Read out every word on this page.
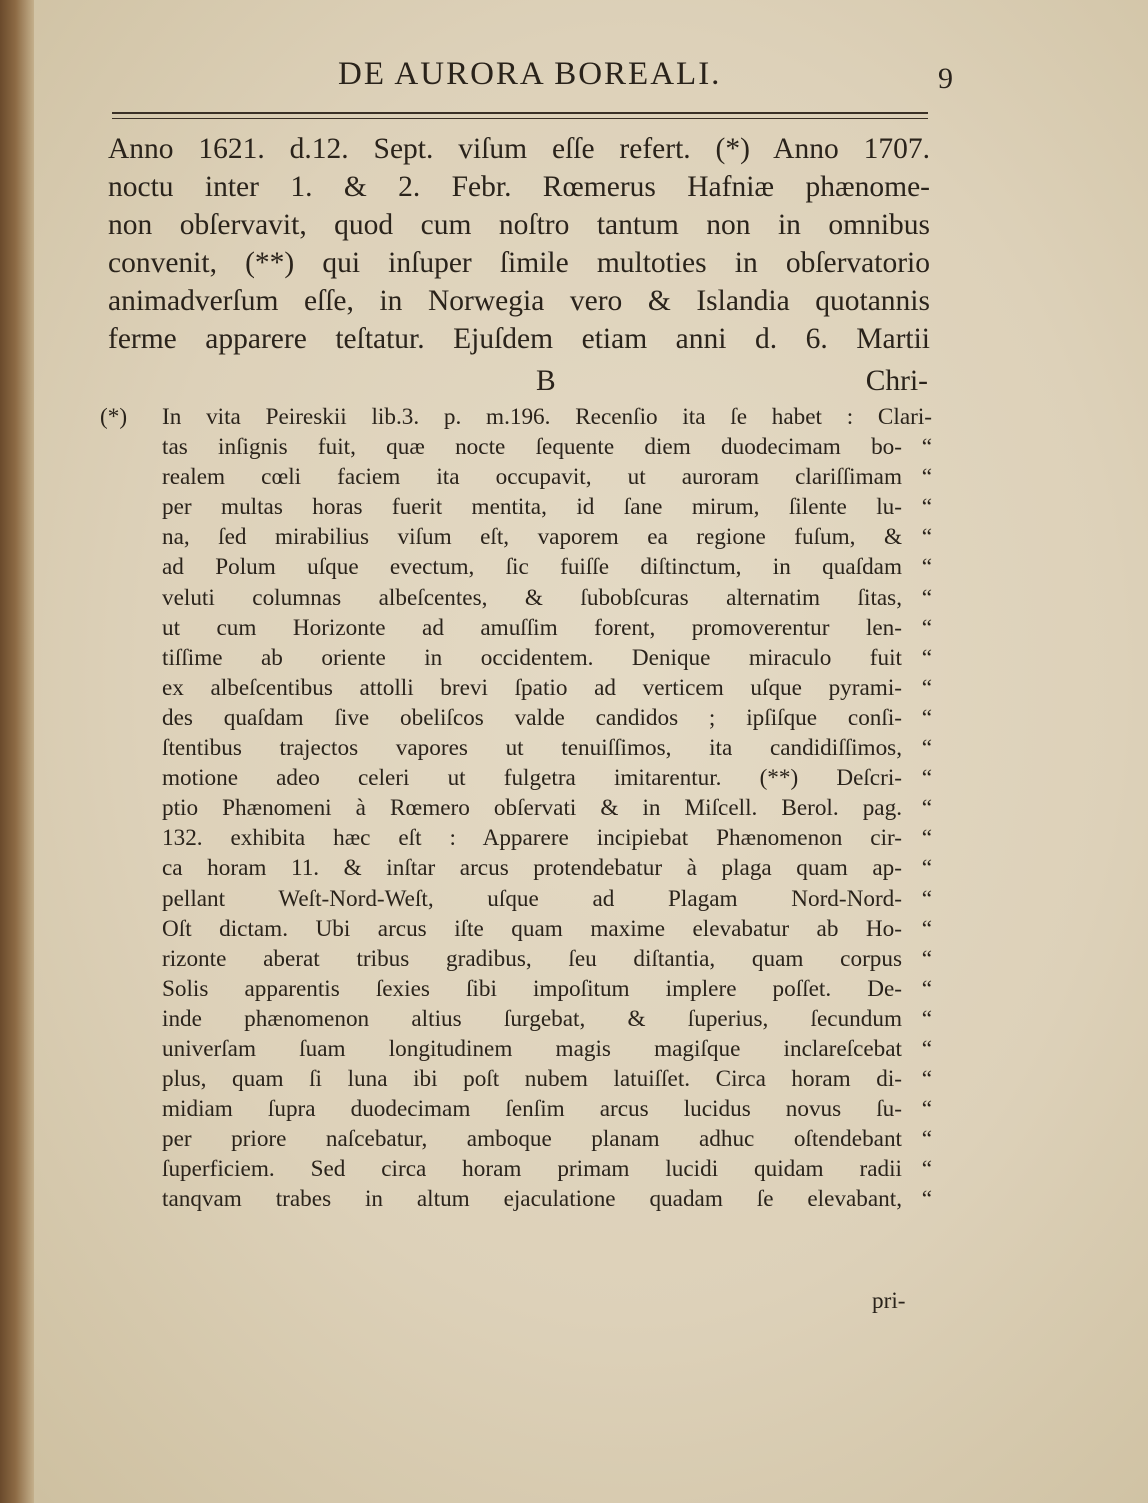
DE AURORA BOREALI.	9
Anno 1621. d.12. Sept. viſum eſſe refert. (*) Anno 1707.
noctu inter 1. & 2. Febr. Rœmerus Hafniæ phænome-
non obſervavit, quod cum noſtro tantum non in omnibus
convenit, (**) qui inſuper ſimile multoties in obſervatorio
animadverſum eſſe, in Norwegia vero & Islandia quotannis
ferme apparere teſtatur. Ejuſdem etiam anni d. 6. Martii
B	Chri-
(*) In vita Peireskii lib.3. p. m.196. Recenſio ita ſe habet : Clari-
tas inſignis fuit, quæ nocte ſequente diem duodecimam bo- “
realem cœli faciem ita occupavit, ut auroram clariſſimam “
per multas horas fuerit mentita, id ſane mirum, ſilente lu- “
na, ſed mirabilius viſum eſt, vaporem ea regione fuſum, & “
ad Polum uſque evectum, ſic fuiſſe diſtinctum, in quaſdam “
veluti columnas albeſcentes, & ſubobſcuras alternatim ſitas, “
ut cum Horizonte ad amuſſim forent, promoverentur len- “
tiſſime ab oriente in occidentem. Denique miraculo fuit “
ex albeſcentibus attolli brevi ſpatio ad verticem uſque pyrami- “
des quaſdam ſive obeliſcos valde candidos ; ipſiſque conſi- “
ſtentibus trajectos vapores ut tenuiſſimos, ita candidiſſimos, “
motione adeo celeri ut fulgetra imitarentur. (**) Deſcri- “
ptio Phænomeni à Rœmero obſervati & in Miſcell. Berol. pag. “
132. exhibita hæc eſt : Apparere incipiebat Phænomenon cir- “
ca horam 11. & inſtar arcus protendebatur à plaga quam ap- “
pellant Weſt-Nord-Weſt, uſque ad Plagam Nord-Nord- “
Oſt dictam. Ubi arcus iſte quam maxime elevabatur ab Ho- “
rizonte aberat tribus gradibus, ſeu diſtantia, quam corpus “
Solis apparentis ſexies ſibi impoſitum implere poſſet. De- “
inde phænomenon altius ſurgebat, & ſuperius, ſecundum “
univerſam ſuam longitudinem magis magiſque inclareſcebat “
plus, quam ſi luna ibi poſt nubem latuiſſet. Circa horam di- “
midiam ſupra duodecimam ſenſim arcus lucidus novus ſu- “
per priore naſcebatur, amboque planam adhuc oſtendebant “
ſuperficiem. Sed circa horam primam lucidi quidam radii “
tanqvam trabes in altum ejaculatione quadam ſe elevabant, “
pri-
